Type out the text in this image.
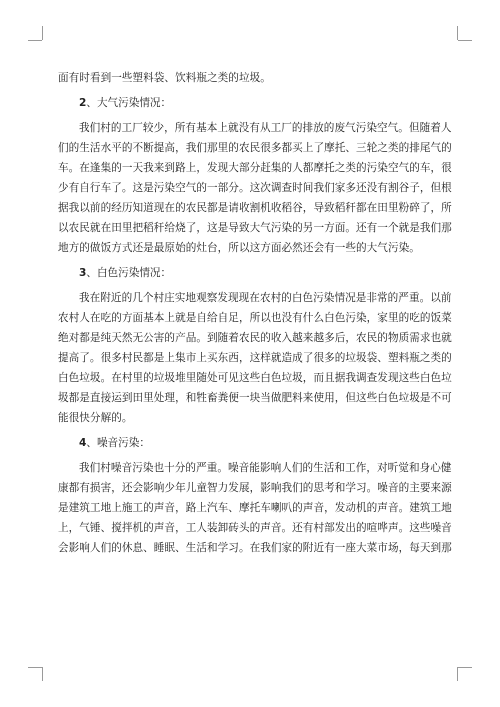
面有时看到一些塑料袋、饮料瓶之类的垃圾。
2、大气污染情况：
我们村的工厂较少，所有基本上就没有从工厂的排放的废气污染空气。但随着人
们的生活水平的不断提高，我们那里的农民很多都买上了摩托、三轮之类的排尾气的
车。在逢集的一天我来到路上，发现大部分赶集的人都摩托之类的污染空气的车，很
少有自行车了。这是污染空气的一部分。这次调查时间我们家多还没有割谷子，但根
据我以前的经历知道现在的农民都是请收割机收稻谷，导致稻秆都在田里粉碎了，所
以农民就在田里把稻秆给烧了，这是导致大气污染的另一方面。还有一个就是我们那
地方的做饭方式还是最原始的灶台，所以这方面必然还会有一些的大气污染。
3、白色污染情况：
我在附近的几个村庄实地观察发现现在农村的白色污染情况是非常的严重。以前
农村人在吃的方面基本上就是自给自足，所以也没有什么白色污染，家里的吃的饭菜
绝对都是纯天然无公害的产品。到随着农民的收入越来越多后，农民的物质需求也就
提高了。很多村民都是上集市上买东西，这样就造成了很多的垃圾袋、塑料瓶之类的
白色垃圾。在村里的垃圾堆里随处可见这些白色垃圾，而且据我调查发现这些白色垃
圾都是直接运到田里处理，和牲畜粪便一块当做肥料来使用，但这些白色垃圾是不可
能很快分解的。
4、噪音污染：
我们村噪音污染也十分的严重。噪音能影响人们的生活和工作，对听觉和身心健
康都有损害，还会影响少年儿童智力发展，影响我们的思考和学习。噪音的主要来源
是建筑工地上施工的声音，路上汽车、摩托车喇叭的声音，发动机的声音。建筑工地
上，气锤、搅拌机的声音，工人装卸砖头的声音。还有村部发出的喧哗声。这些噪音
会影响人们的休息、睡眠、生活和学习。在我们家的附近有一座大菜市场，每天到那
